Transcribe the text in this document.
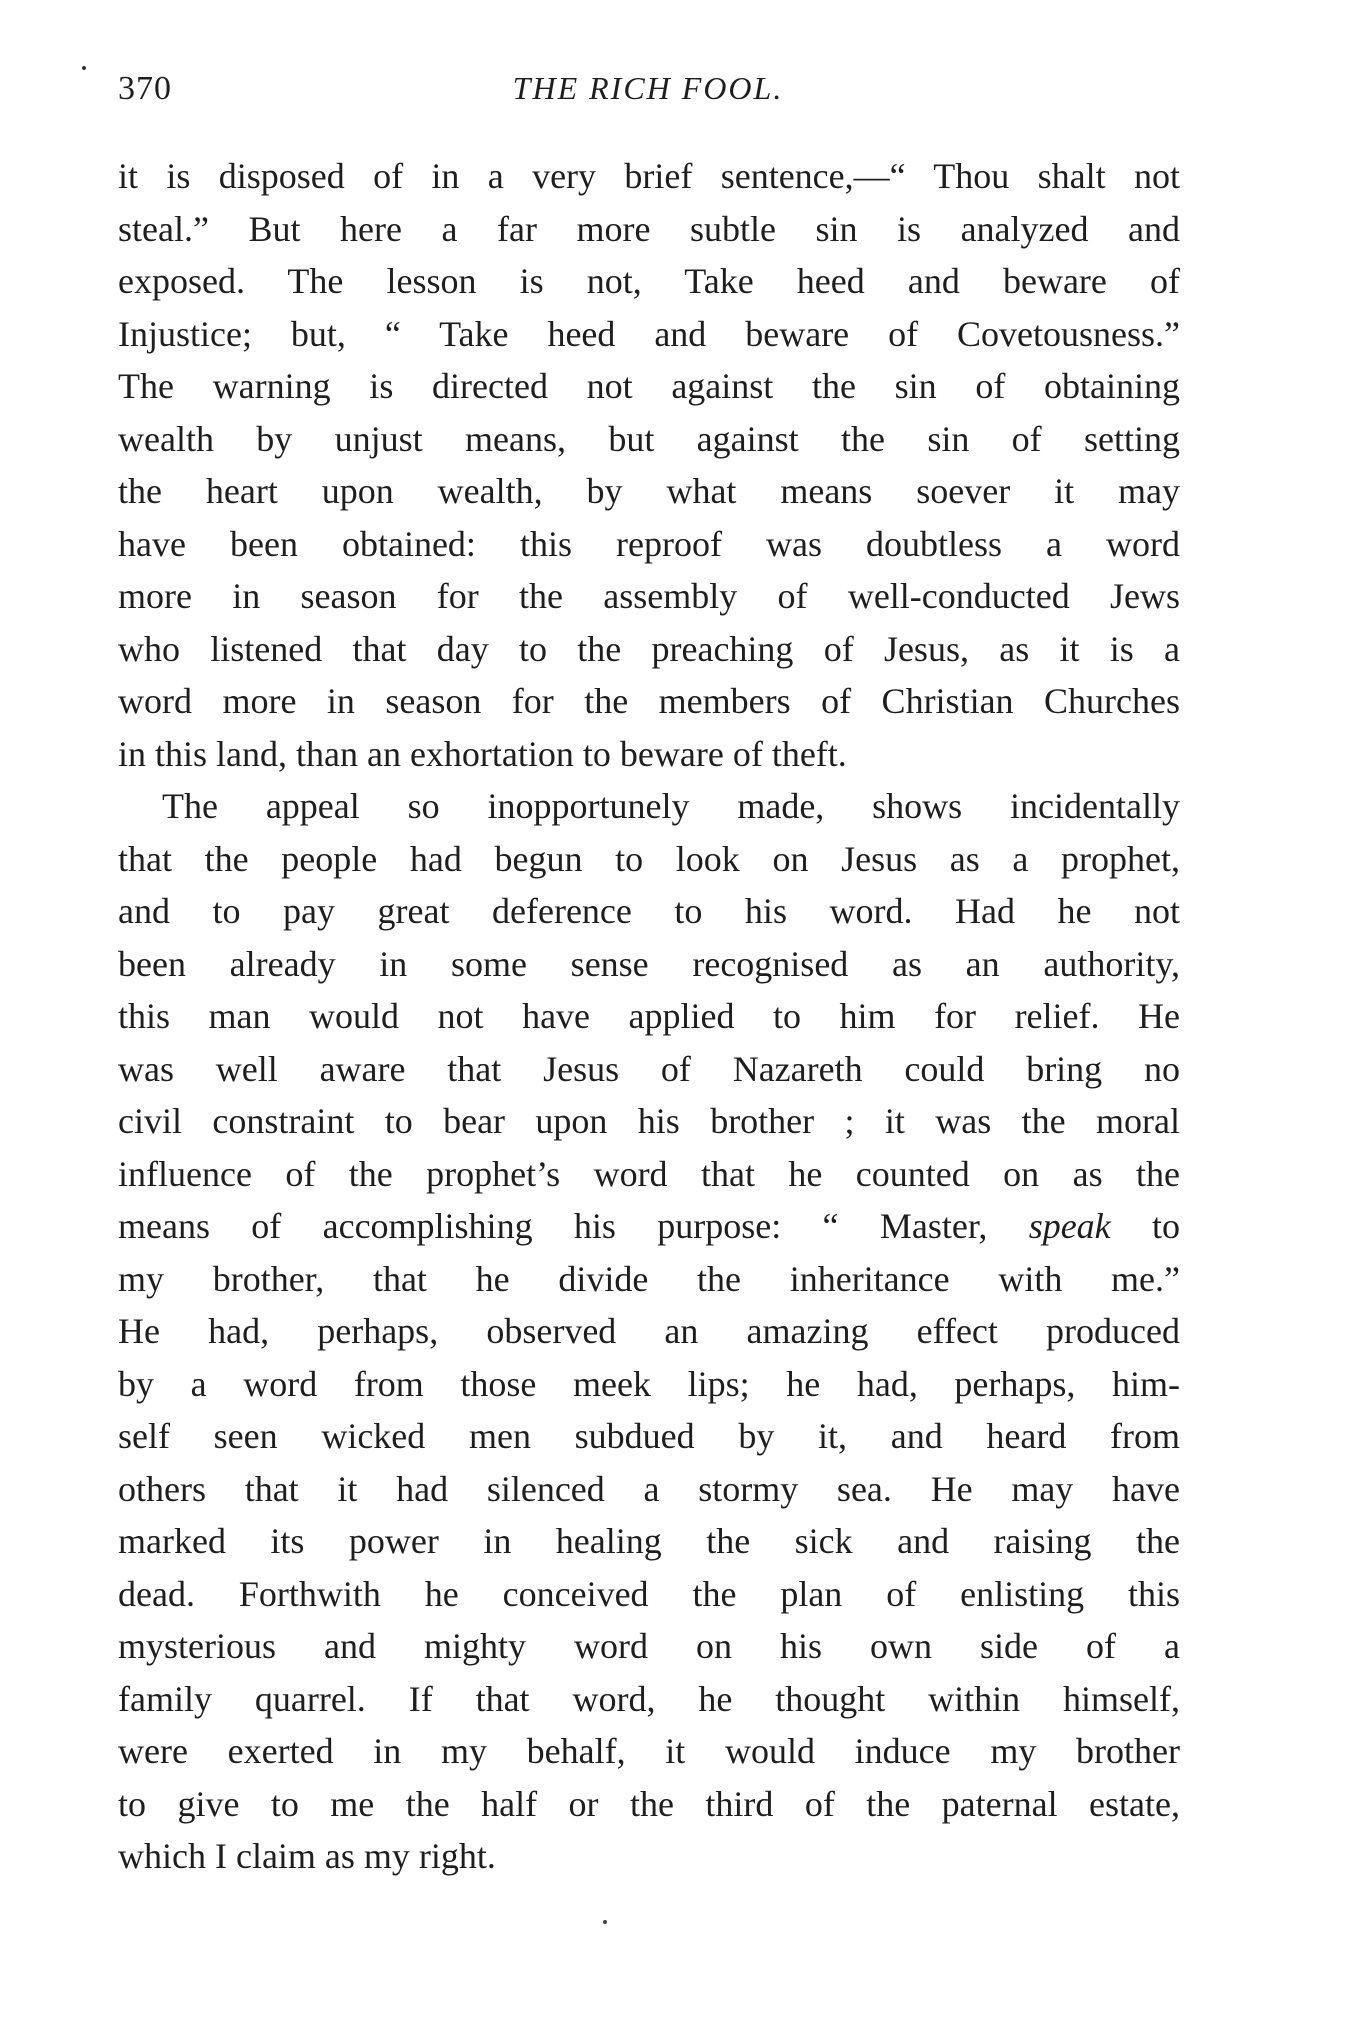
370	THE RICH FOOL.
it is disposed of in a very brief sentence,—“ Thou shalt not
steal.” But here a far more subtle sin is analyzed and
exposed. The lesson is not, Take heed and beware of
Injustice; but, “ Take heed and beware of Covetousness.”
The warning is directed not against the sin of obtaining
wealth by unjust means, but against the sin of setting
the heart upon wealth, by what means soever it may
have been obtained: this reproof was doubtless a word
more in season for the assembly of well-conducted Jews
who listened that day to the preaching of Jesus, as it is a
word more in season for the members of Christian Churches
in this land, than an exhortation to beware of theft.
The appeal so inopportunely made, shows incidentally
that the people had begun to look on Jesus as a prophet,
and to pay great deference to his word. Had he not
been already in some sense recognised as an authority,
this man would not have applied to him for relief. He
was well aware that Jesus of Nazareth could bring no
civil constraint to bear upon his brother ; it was the moral
influence of the prophet’s word that he counted on as the
means of accomplishing his purpose: “ Master, speak to
my brother, that he divide the inheritance with me.”
He had, perhaps, observed an amazing effect produced
by a word from those meek lips; he had, perhaps, him-
self seen wicked men subdued by it, and heard from
others that it had silenced a stormy sea. He may have
marked its power in healing the sick and raising the
dead. Forthwith he conceived the plan of enlisting this
mysterious and mighty word on his own side of a
family quarrel. If that word, he thought within himself,
were exerted in my behalf, it would induce my brother
to give to me the half or the third of the paternal estate,
which I claim as my right.
